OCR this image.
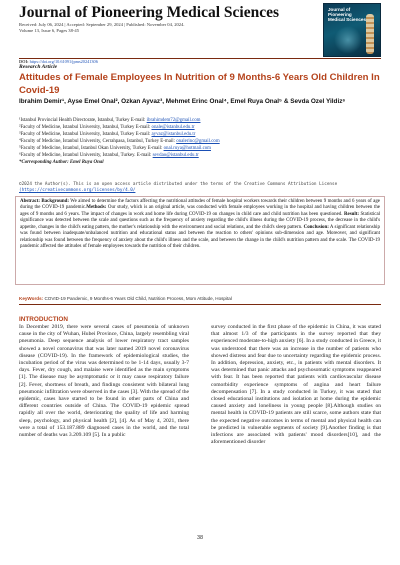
Journal of Pioneering Medical Sciences
Received: July 06, 2024 | Accepted: September 29, 2024 | Published: November 04, 2024.
Volume 13, Issue 6, Pages 38-45
Journal of Pioneering Medical Sciences
DOI: https://doi.org/10.61091/jpms20241306
Research Article
Attitudes of Female Employees In Nutrition of 9 Months-6 Years Old Children In Covid-19
Ibrahim Demir¹, Ayse Emel Onal², Ozkan Ayvaz³, Mehmet Erinc Onal⁴, Emel Ruya Onal⁵ & Sevda Ozel Yildiz⁶
¹Istanbul Provincial Health Directorate, Istanbul, Turkey E-mail: ibrahimdem72@gmail.com
²Faculty of Medicine, Istanbul University, Istanbul, Turkey E-mail: onale@istanbul.edu.tr
³Faculty of Medicine, Istanbul University, Istanbul, Turkey E-mail: ayvaz@istanbul.edu.tr
⁴Faculty of Medicine, Istanbul University, Cerrahpasa, Istanbul, Turkey E-mail: onalerinc@gmail.com
⁵Faculty of Medicine, Istanbul, Istanbul Okan University, Turkey E-mail: onal.ruya@hotmail.com
⁶Faculty of Medicine, Istanbul University, Istanbul, Turkey. E-mail: sevdao@istanbul.edu.tr
*Corresponding Author: Emel Ruya Onal
©2024 the Author(s). This is an open access article distributed under the terms of the Creative Commons Attribution License (https://creativecommons.org/licenses/by/4.0/

Abstract: Background: We aimed to determine the factors affecting the nutritional attitudes of female hospital workers towards their children between 9 months and 6 years of age during the COVID-19 pandemic.Methods: Our study, which is an original article, was conducted with female employees working in the hospital and having children between the ages of 9 months and 6 years. The impact of changes in work and home life during COVID-19 on changes in child care and child nutrition has been questioned. Result: Statistical significance was detected between the scale and questions such as the frequency of anxiety regarding the child's illness during the COVID-19 process, the decrease in the child's appetite, changes in the child's eating pattern, the mother's relationship with the environment and social relations, and the child's sleep pattern. Conclusion: A significant relationship was found between inadequate/unbalanced nutrition and educational status and between the reaction to others' opinions sub-dimension and age. Moreover, and significant relationship was found between the frequency of anxiety about the child's illness and the scale, and between the change in the child's nutrition pattern and the scale. The COVID-19 pandemic affected the attitudes of female employees towards the nutrition of their children.

KeyWords: COVID-19 Pandemic, 9 Months-6 Years Old Child, Nutrition Process, Mom Attitude, Hospital
INTRODUCTION
In December 2019, there were several cases of pneumonia of unknown cause in the city of Wuhan, Hubei Province, China, largely resembling viral pneumonia. Deep sequence analysis of lower respiratory tract samples showed a novel coronavirus that was later named 2019 novel coronavirus disease (COVID-19). In the framework of epidemiological studies, the incubation period of the virus was determined to be 1-14 days, usually 3-7 days. Fever, dry cough, and malaise were identified as the main symptoms [1]. The disease may be asymptomatic or it may cause respiratory failure [2]. Fever, shortness of breath, and findings consistent with bilateral lung pneumonic infiltration were observed in the cases [3]. With the spread of the epidemic, cases have started to be found in other parts of China and different countries outside of China. The COVID-19 epidemic spread rapidly all over the world, deteriorating the quality of life and harming sleep, psychology, and physical health [2], [4]. As of May 4, 2021, there were a total of 153.187.889 diagnosed cases in the world, and the total number of deaths was 3.209.109 [5]. In a public
survey conducted in the first phase of the epidemic in China, it was stated that almost 1/3 of the participants in the survey reported that they experienced moderate-to-high anxiety [6]. In a study conducted in Greece, it was understood that there was an increase in the number of patients who showed distress and fear due to uncertainty regarding the epidemic process. In addition, depression, anxiety, etc., in patients with mental disorders. It was determined that panic attacks and psychosomatic symptoms reappeared with fear. It has been reported that patients with cardiovascular disease comorbidity experience symptoms of angina and heart failure decompensation [7]. In a study conducted in Turkey, it was stated that closed educational institutions and isolation at home during the epidemic caused anxiety and loneliness in young people [8].Although studies on mental health in COVID-19 patients are still scarce, some authors state that the expected negative outcomes in terms of mental and physical health can be predicted in vulnerable segments of society [9].Another finding is that infections are associated with patients' mood disorders[10], and the aforementioned disorder
38
